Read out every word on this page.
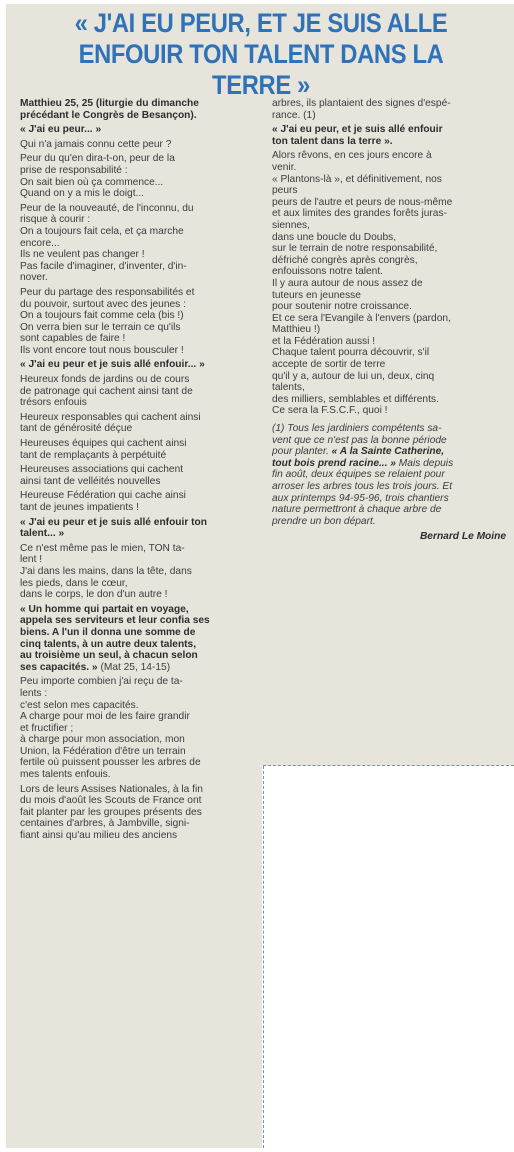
« J'AI EU PEUR, ET JE SUIS ALLE
ENFOUIR TON TALENT DANS LA TERRE »
Matthieu 25, 25 (liturgie du dimanche
précédant le Congrès de Besançon).
« J'ai eu peur... »
Qui n'a jamais connu cette peur ?
Peur du qu'en dira-t-on, peur de la
prise de responsabilité :
On sait bien où ça commence...
Quand on y a mis le doigt...
Peur de la nouveauté, de l'inconnu, du
risque à courir :
On a toujours fait cela, et ça marche
encore...
Ils ne veulent pas changer !
Pas facile d'imaginer, d'inventer, d'in-
nover.
Peur du partage des responsabilités et
du pouvoir, surtout avec des jeunes :
On a toujours fait comme cela (bis !)
On verra bien sur le terrain ce qu'ils
sont capables de faire !
Ils vont encore tout nous bousculer !
« J'ai eu peur et je suis allé enfouir... »
Heureux fonds de jardins ou de cours
de patronage qui cachent ainsi tant de
trésors enfouis
Heureux responsables qui cachent ainsi
tant de générosité déçue
Heureuses équipes qui cachent ainsi
tant de remplaçants à perpétuité
Heureuses associations qui cachent
ainsi tant de velléités nouvelles
Heureuse Fédération qui cache ainsi
tant de jeunes impatients !
« J'ai eu peur et je suis allé enfouir ton
talent... »
Ce n'est même pas le mien, TON ta-
lent !
J'ai dans les mains, dans la tête, dans
les pieds, dans le cœur,
dans le corps, le don d'un autre !
« Un homme qui partait en voyage,
appela ses serviteurs et leur confia ses
biens. A l'un il donna une somme de
cinq talents, à un autre deux talents,
au troisième un seul, à chacun selon
ses capacités. » (Mat 25, 14-15)
Peu importe combien j'ai reçu de ta-
lents :
c'est selon mes capacités.
A charge pour moi de les faire grandir
et fructifier ;
à charge pour mon association, mon
Union, la Fédération d'être un terrain
fertile où puissent pousser les arbres de
mes talents enfouis.
Lors de leurs Assises Nationales, à la fin
du mois d'août les Scouts de France ont
fait planter par les groupes présents des
centaines d'arbres, à Jambville, signi-
fiant ainsi qu'au milieu des anciens
arbres, ils plantaient des signes d'espé-
rance. (1)
« J'ai eu peur, et je suis allé enfouir
ton talent dans la terre ».
Alors rêvons, en ces jours encore à
venir.
« Plantons-là », et définitivement, nos
peurs
peurs de l'autre et peurs de nous-même
et aux limites des grandes forêts juras-
siennes,
dans une boucle du Doubs,
sur le terrain de notre responsabilité,
défriché congrès après congrès,
enfouissons notre talent.
Il y aura autour de nous assez de
tuteurs en jeunesse
pour soutenir notre croissance.
Et ce sera l'Evangile à l'envers (pardon,
Matthieu !)
et la Fédération aussi !
Chaque talent pourra découvrir, s'il
accepte de sortir de terre
qu'il y a, autour de lui un, deux, cinq
talents,
des milliers, semblables et différents.
Ce sera la F.S.C.F., quoi !
(1) Tous les jardiniers compétents sa-
vent que ce n'est pas la bonne période
pour planter. « A la Sainte Catherine,
tout bois prend racine... » Mais depuis
fin août, deux équipes se relaient pour
arroser les arbres tous les trois jours. Et
aux printemps 94-95-96, trois chantiers
nature permettront à chaque arbre de
prendre un bon départ.
Bernard Le Moine
